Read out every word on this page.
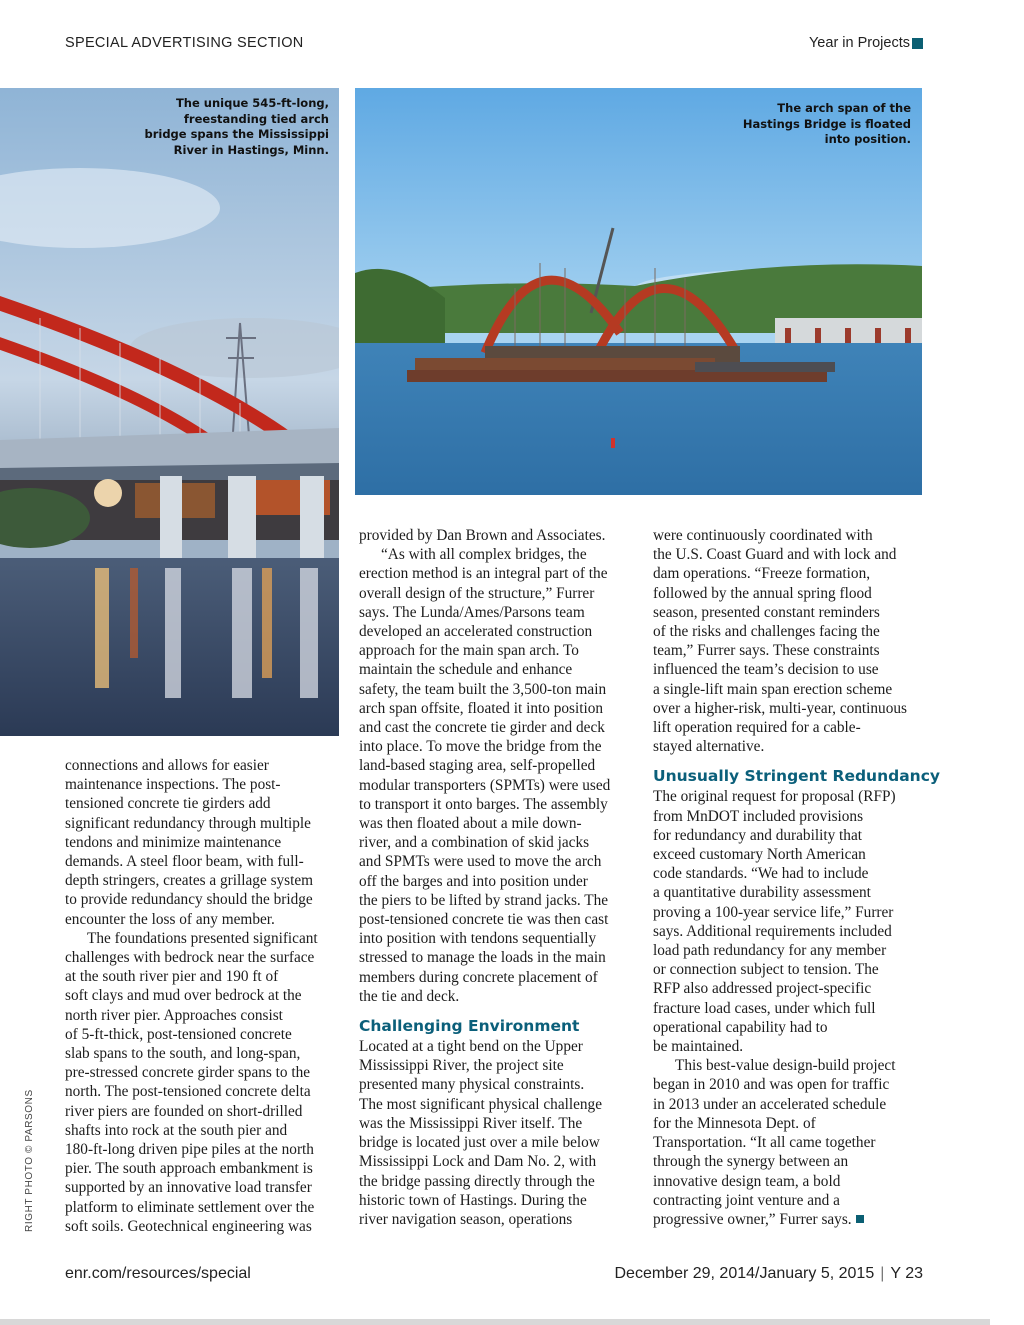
SPECIAL ADVERTISING SECTION	Year in Projects
The unique 545-ft-long, freestanding tied arch bridge spans the Mississippi River in Hastings, Minn.
The arch span of the Hastings Bridge is floated into position.
RIGHT PHOTO © PARSONS
connections and allows for easier
maintenance inspections. The post-
tensioned concrete tie girders add
significant redundancy through multiple
tendons and minimize maintenance
demands. A steel floor beam, with full-
depth stringers, creates a grillage system
to provide redundancy should the bridge
encounter the loss of any member.
The foundations presented significant
challenges with bedrock near the surface
at the south river pier and 190 ft of
soft clays and mud over bedrock at the
north river pier. Approaches consist
of 5-ft-thick, post-tensioned concrete
slab spans to the south, and long-span,
pre-stressed concrete girder spans to the
north. The post-tensioned concrete delta
river piers are founded on short-drilled
shafts into rock at the south pier and
180-ft-long driven pipe piles at the north
pier. The south approach embankment is
supported by an innovative load transfer
platform to eliminate settlement over the
soft soils. Geotechnical engineering was
provided by Dan Brown and Associates.
“As with all complex bridges, the
erection method is an integral part of the
overall design of the structure,” Furrer
says. The Lunda/Ames/Parsons team
developed an accelerated construction
approach for the main span arch. To
maintain the schedule and enhance
safety, the team built the 3,500-ton main
arch span offsite, floated it into position
and cast the concrete tie girder and deck
into place. To move the bridge from the
land-based staging area, self-propelled
modular transporters (SPMTs) were used
to transport it onto barges. The assembly
was then floated about a mile down-
river, and a combination of skid jacks
and SPMTs were used to move the arch
off the barges and into position under
the piers to be lifted by strand jacks. The
post-tensioned concrete tie was then cast
into position with tendons sequentially
stressed to manage the loads in the main
members during concrete placement of
the tie and deck.
Challenging Environment
Located at a tight bend on the Upper
Mississippi River, the project site
presented many physical constraints.
The most significant physical challenge
was the Mississippi River itself. The
bridge is located just over a mile below
Mississippi Lock and Dam No. 2, with
the bridge passing directly through the
historic town of Hastings. During the
river navigation season, operations
were continuously coordinated with
the U.S. Coast Guard and with lock and
dam operations. “Freeze formation,
followed by the annual spring flood
season, presented constant reminders
of the risks and challenges facing the
team,” Furrer says. These constraints
influenced the team’s decision to use
a single-lift main span erection scheme
over a higher-risk, multi-year, continuous
lift operation required for a cable-
stayed alternative.
Unusually Stringent Redundancy
The original request for proposal (RFP)
from MnDOT included provisions
for redundancy and durability that
exceed customary North American
code standards. “We had to include
a quantitative durability assessment
proving a 100-year service life,” Furrer
says. Additional requirements included
load path redundancy for any member
or connection subject to tension. The
RFP also addressed project-specific
fracture load cases, under which full
operational capability had to
be maintained.
This best-value design-build project
began in 2010 and was open for traffic
in 2013 under an accelerated schedule
for the Minnesota Dept. of
Transportation. “It all came together
through the synergy between an
innovative design team, a bold
contracting joint venture and a
progressive owner,” Furrer says.
enr.com/resources/special	December 29, 2014/January 5, 2015 | Y 23
